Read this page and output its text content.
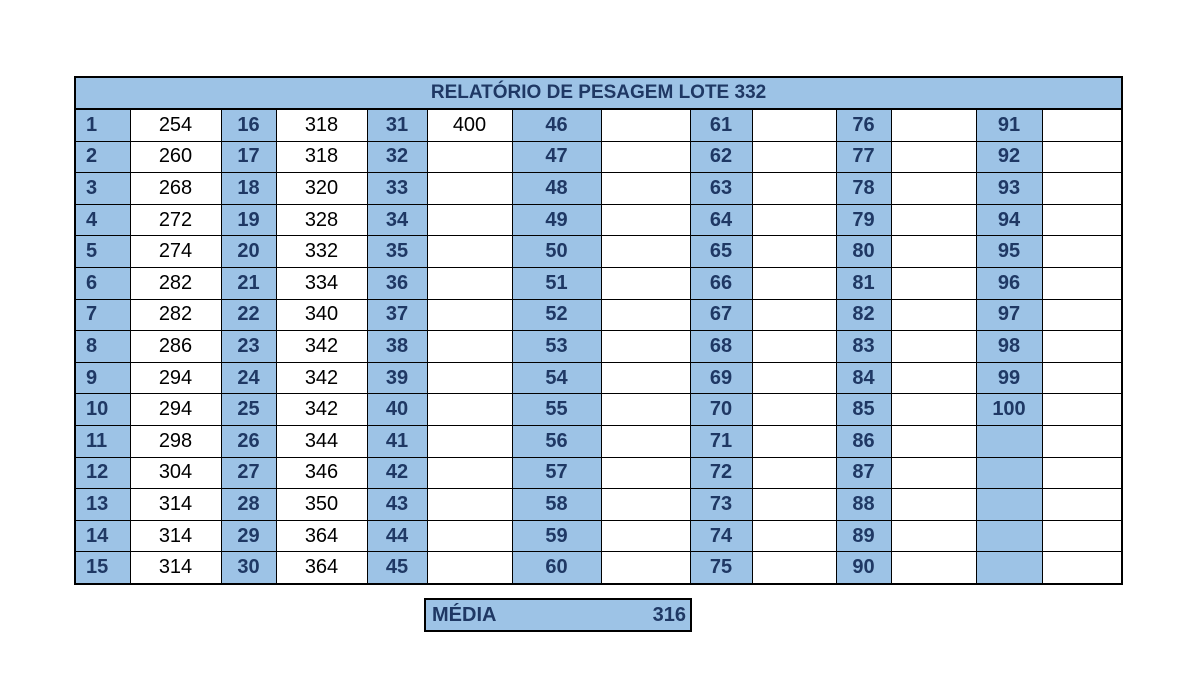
RELATÓRIO DE PESAGEM LOTE 332													
1	254	16	318	31	400	46		61		76		91	
2	260	17	318	32		47		62		77		92	
3	268	18	320	33		48		63		78		93	
4	272	19	328	34		49		64		79		94	
5	274	20	332	35		50		65		80		95	
6	282	21	334	36		51		66		81		96	
7	282	22	340	37		52		67		82		97	
8	286	23	342	38		53		68		83		98	
9	294	24	342	39		54		69		84		99	
10	294	25	342	40		55		70		85		100	
11	298	26	344	41		56		71		86			
12	304	27	346	42		57		72		87			
13	314	28	350	43		58		73		88			
14	314	29	364	44		59		74		89			
15	314	30	364	45		60		75		90			
MÉDIA	316
